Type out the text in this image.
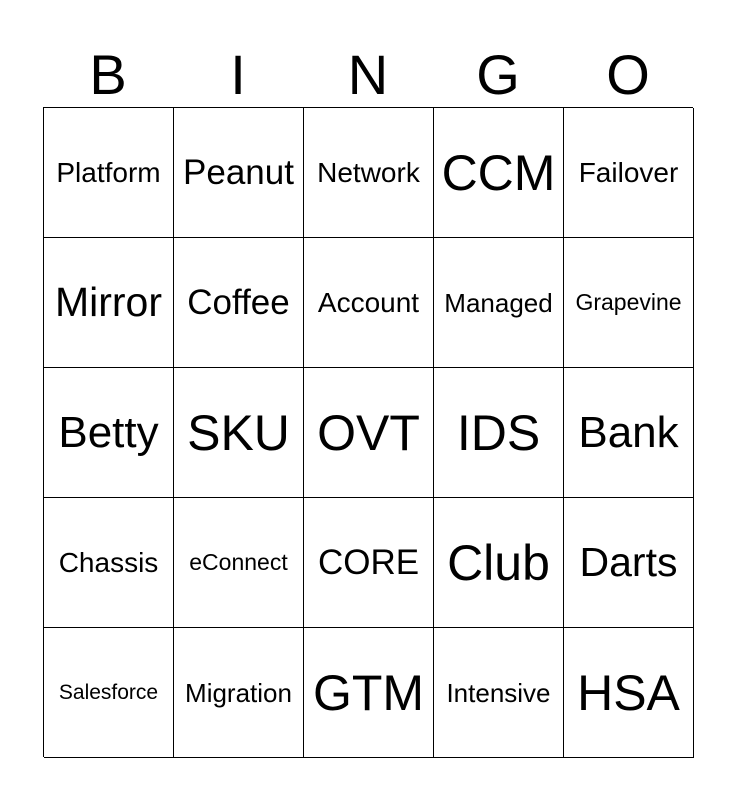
B	I	N	G	O
Platform Peanut Network CCM Failover
Mirror Coffee	Account Managed Grapevine
Betty SKU OVT IDS Bank
Chassis	eConnect CORE Club Darts
Salesforce	Migration GTM Intensive HSA
